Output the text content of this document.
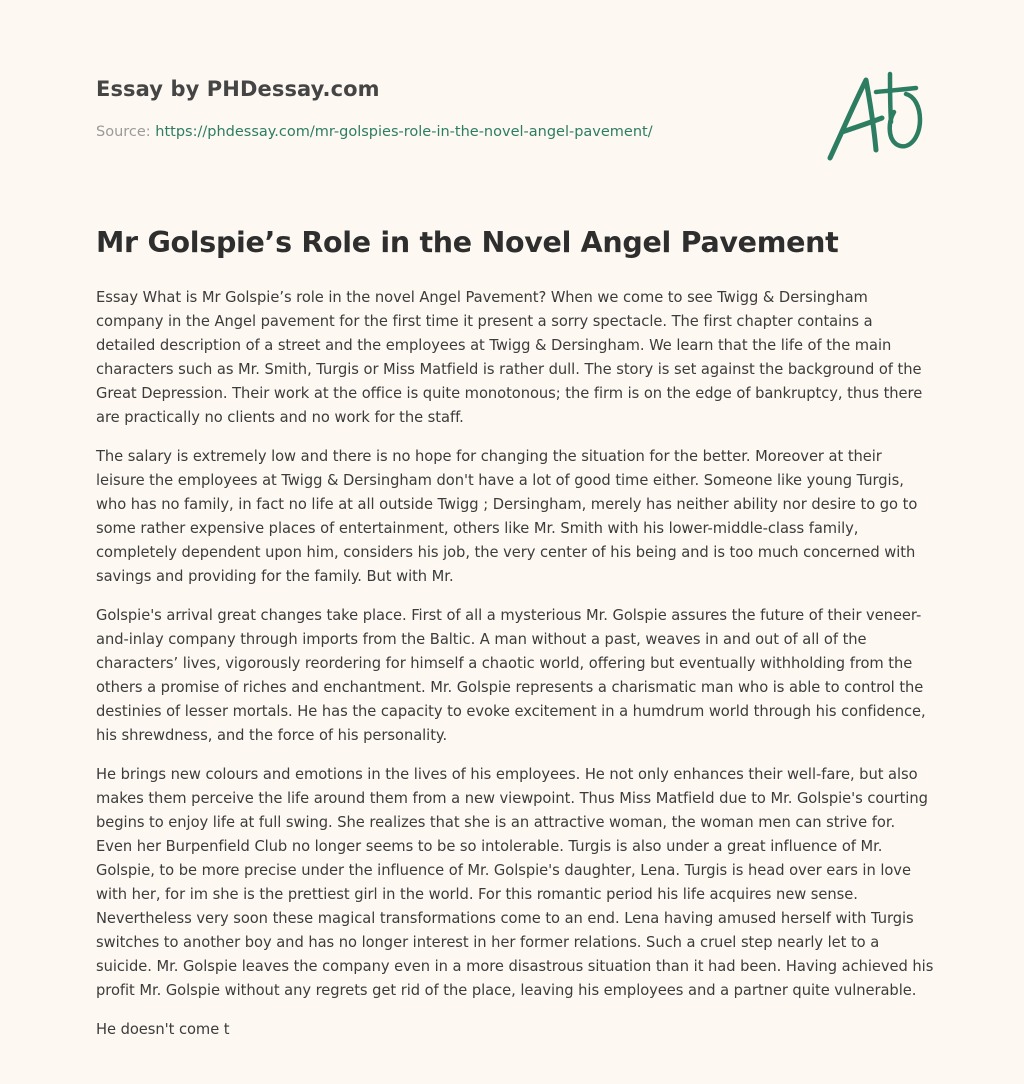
Essay by PHDessay.com
Source: https://phdessay.com/mr-golspies-role-in-the-novel-angel-pavement/
Mr Golspie’s Role in the Novel Angel Pavement

Essay What is Mr Golspie’s role in the novel Angel Pavement? When we come to see Twigg & Dersingham company in the Angel pavement for the first time it present a sorry spectacle. The first chapter contains a detailed description of a street and the employees at Twigg & Dersingham. We learn that the life of the main characters such as Mr. Smith, Turgis or Miss Matfield is rather dull. The story is set against the background of the Great Depression. Their work at the office is quite monotonous; the firm is on the edge of bankruptcy, thus there are practically no clients and no work for the staff.

The salary is extremely low and there is no hope for changing the situation for the better. Moreover at their leisure the employees at Twigg & Dersingham don't have a lot of good time either. Someone like young Turgis, who has no family, in fact no life at all outside Twigg ; Dersingham, merely has neither ability nor desire to go to some rather expensive places of entertainment, others like Mr. Smith with his lower-middle-class family, completely dependent upon him, considers his job, the very center of his being and is too much concerned with savings and providing for the family. But with Mr.

Golspie's arrival great changes take place. First of all a mysterious Mr. Golspie assures the future of their veneer-and-inlay company through imports from the Baltic. A man without a past, weaves in and out of all of the characters’ lives, vigorously reordering for himself a chaotic world, offering but eventually withholding from the others a promise of riches and enchantment. Mr. Golspie represents a charismatic man who is able to control the destinies of lesser mortals. He has the capacity to evoke excitement in a humdrum world through his confidence, his shrewdness, and the force of his personality.

He brings new colours and emotions in the lives of his employees. He not only enhances their well-fare, but also makes them perceive the life around them from a new viewpoint. Thus Miss Matfield due to Mr. Golspie's courting begins to enjoy life at full swing. She realizes that she is an attractive woman, the woman men can strive for. Even her Burpenfield Club no longer seems to be so intolerable. Turgis is also under a great influence of Mr. Golspie, to be more precise under the influence of Mr. Golspie's daughter, Lena. Turgis is head over ears in love with her, for im she is the prettiest girl in the world. For this romantic period his life acquires new sense. Nevertheless very soon these magical transformations come to an end. Lena having amused herself with Turgis switches to another boy and has no longer interest in her former relations. Such a cruel step nearly let to a suicide. Mr. Golspie leaves the company even in a more disastrous situation than it had been. Having achieved his profit Mr. Golspie without any regrets get rid of the place, leaving his employees and a partner quite vulnerable.

He doesn't come t
